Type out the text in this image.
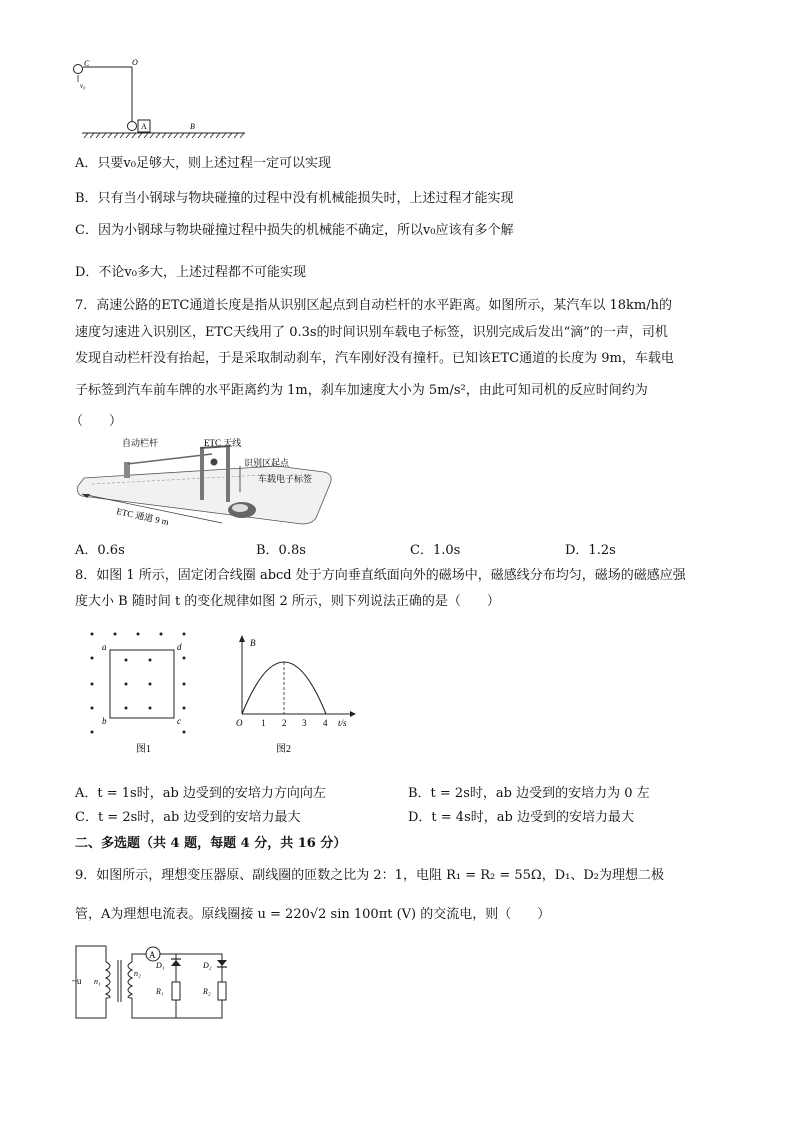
C	O
v₀
A	B
A．只要v₀足够大，则上述过程一定可以实现
B．只有当小钢球与物块碰撞的过程中没有机械能损失时，上述过程才能实现
C．因为小钢球与物块碰撞过程中损失的机械能不确定，所以v₀应该有多个解
D．不论v₀多大，上述过程都不可能实现
7．高速公路的ETC通道长度是指从识别区起点到自动栏杆的水平距离。如图所示，某汽车以 18km/h的
速度匀速进入识别区，ETC天线用了 0.3s的时间识别车载电子标签，识别完成后发出“滴”的一声，司机
发现自动栏杆没有抬起，于是采取制动刹车，汽车刚好没有撞杆。已知该ETC通道的长度为 9m，车载电
子标签到汽车前车牌的水平距离约为 1m，刹车加速度大小为 5m/s²，由此可知司机的反应时间约为
（　　）
自动栏杆	ETC 天线
识别区起点
车载电子标签
ETC 通道 9 m
A．0.6s	B．0.8s	C．1.0s	D．1.2s
8．如图 1 所示，固定闭合线圈 abcd 处于方向垂直纸面向外的磁场中，磁感线分布均匀，磁场的磁感应强
度大小 B 随时间 t 的变化规律如图 2 所示，则下列说法正确的是（　　）
a
b	c
d
图1
B
t/s
O 1 2 3 4
图2
A．t = 1s时，ab 边受到的安培力方向向左	B．t = 2s时，ab 边受到的安培力为 0 左
C．t = 2s时，ab 边受到的安培力最大	D．t = 4s时，ab 边受到的安培力最大
二、多选题（共 4 题，每题 4 分，共 16 分）
9．如图所示，理想变压器原、副线圈的匝数之比为 2：1，电阻 R₁ = R₂ = 55Ω，D₁、D₂为理想二极
管，A为理想电流表。原线圈接 u = 220√2 sin 100πt (V) 的交流电，则（　　）
~u n₁
n₂
A
D₁
R₁
D₂
R₂
